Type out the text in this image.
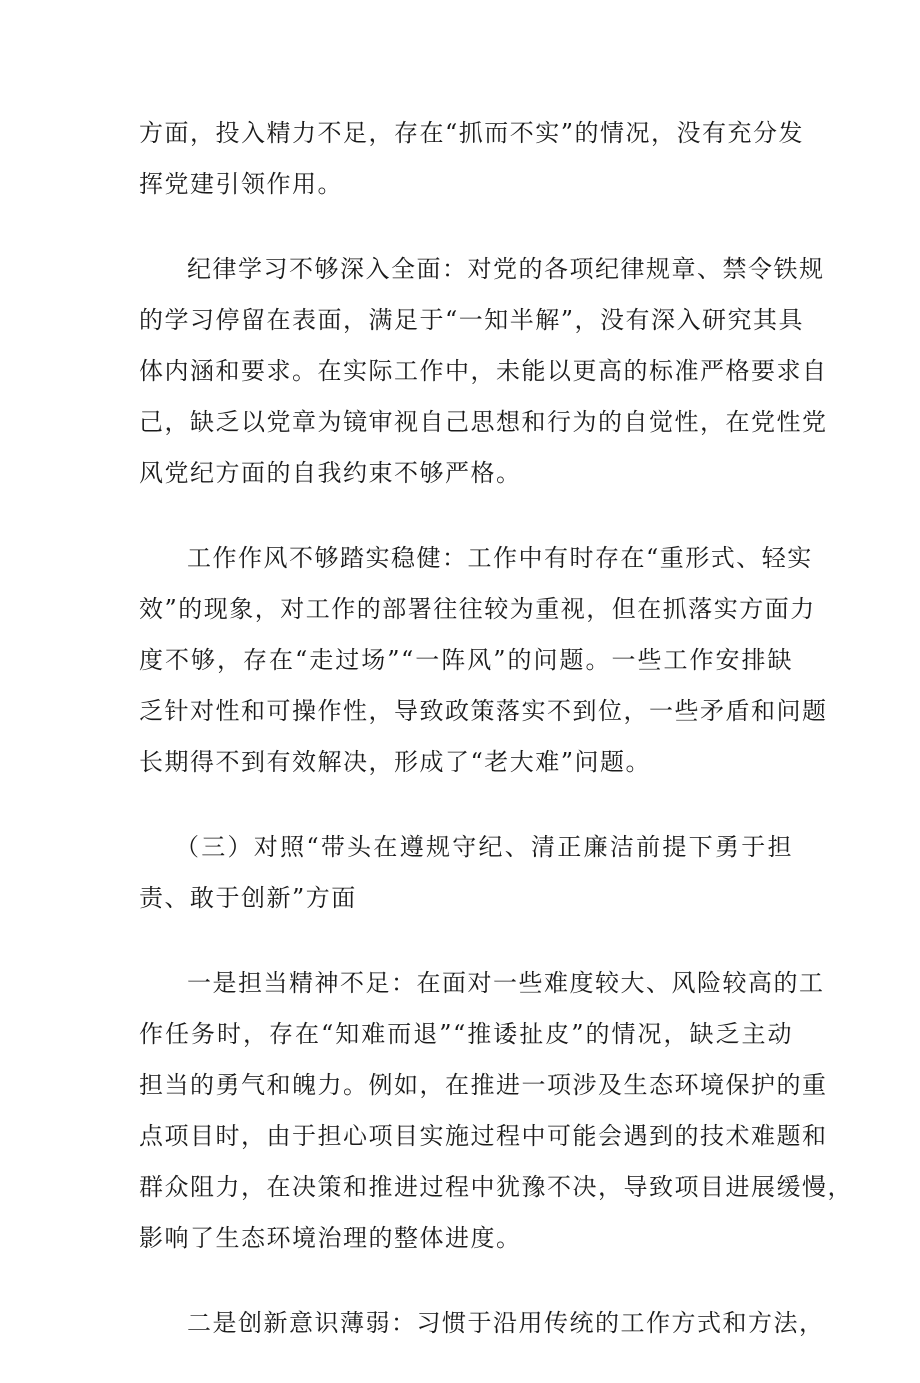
方面，投入精力不足，存在“抓而不实”的情况，没有充分发
挥党建引领作用。
纪律学习不够深入全面：对党的各项纪律规章、禁令铁规
的学习停留在表面，满足于“一知半解”，没有深入研究其具
体内涵和要求。在实际工作中，未能以更高的标准严格要求自
己，缺乏以党章为镜审视自己思想和行为的自觉性，在党性党
风党纪方面的自我约束不够严格。
工作作风不够踏实稳健：工作中有时存在“重形式、轻实
效”的现象，对工作的部署往往较为重视，但在抓落实方面力
度不够，存在“走过场”“一阵风”的问题。一些工作安排缺
乏针对性和可操作性，导致政策落实不到位，一些矛盾和问题
长期得不到有效解决，形成了“老大难”问题。
（三）对照“带头在遵规守纪、清正廉洁前提下勇于担
责、敢于创新”方面
一是担当精神不足：在面对一些难度较大、风险较高的工
作任务时，存在“知难而退”“推诿扯皮”的情况，缺乏主动
担当的勇气和魄力。例如，在推进一项涉及生态环境保护的重
点项目时，由于担心项目实施过程中可能会遇到的技术难题和
群众阻力，在决策和推进过程中犹豫不决，导致项目进展缓慢，
影响了生态环境治理的整体进度。
二是创新意识薄弱：习惯于沿用传统的工作方式和方法，
